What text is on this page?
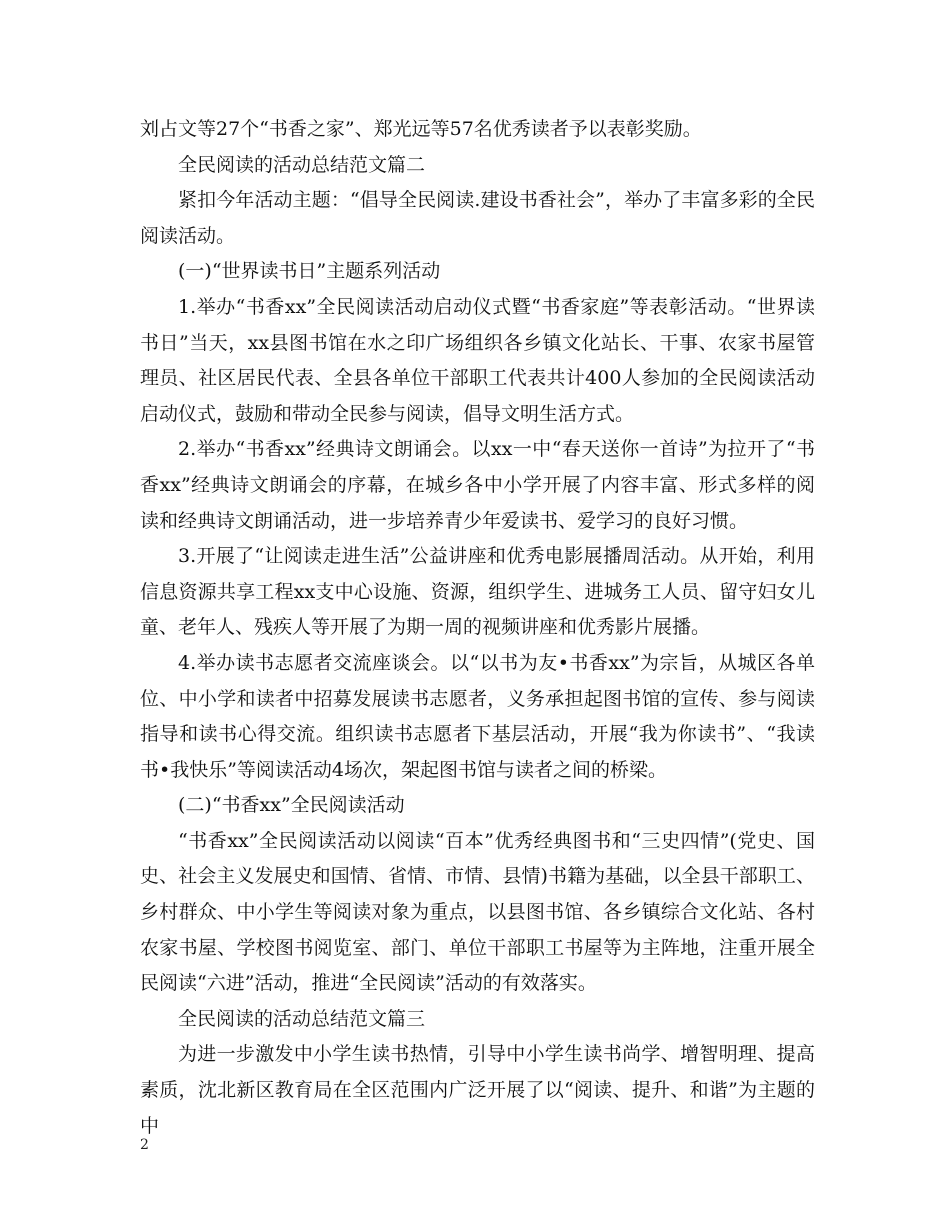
刘占文等27个“书香之家”、郑光远等57名优秀读者予以表彰奖励。

全民阅读的活动总结范文篇二

紧扣今年活动主题：“倡导全民阅读.建设书香社会”，举办了丰富多彩的全民阅读活动。

(一)“世界读书日”主题系列活动

1.举办“书香xx”全民阅读活动启动仪式暨“书香家庭”等表彰活动。“世界读书日”当天，xx县图书馆在水之印广场组织各乡镇文化站长、干事、农家书屋管理员、社区居民代表、全县各单位干部职工代表共计400人参加的全民阅读活动启动仪式，鼓励和带动全民参与阅读，倡导文明生活方式。

2.举办“书香xx”经典诗文朗诵会。以xx一中“春天送你一首诗”为拉开了“书香xx”经典诗文朗诵会的序幕，在城乡各中小学开展了内容丰富、形式多样的阅读和经典诗文朗诵活动，进一步培养青少年爱读书、爱学习的良好习惯。

3.开展了“让阅读走进生活”公益讲座和优秀电影展播周活动。从开始，利用信息资源共享工程xx支中心设施、资源，组织学生、进城务工人员、留守妇女儿童、老年人、残疾人等开展了为期一周的视频讲座和优秀影片展播。

4.举办读书志愿者交流座谈会。以“以书为友•书香xx”为宗旨，从城区各单位、中小学和读者中招募发展读书志愿者，义务承担起图书馆的宣传、参与阅读指导和读书心得交流。组织读书志愿者下基层活动，开展“我为你读书”、“我读书•我快乐”等阅读活动4场次，架起图书馆与读者之间的桥梁。

(二)“书香xx”全民阅读活动

“书香xx”全民阅读活动以阅读“百本”优秀经典图书和“三史四情”(党史、国史、社会主义发展史和国情、省情、市情、县情)书籍为基础，以全县干部职工、乡村群众、中小学生等阅读对象为重点，以县图书馆、各乡镇综合文化站、各村农家书屋、学校图书阅览室、部门、单位干部职工书屋等为主阵地，注重开展全民阅读“六进”活动，推进“全民阅读”活动的有效落实。

全民阅读的活动总结范文篇三

为进一步激发中小学生读书热情，引导中小学生读书尚学、增智明理、提高素质，沈北新区教育局在全区范围内广泛开展了以“阅读、提升、和谐”为主题的中

2
